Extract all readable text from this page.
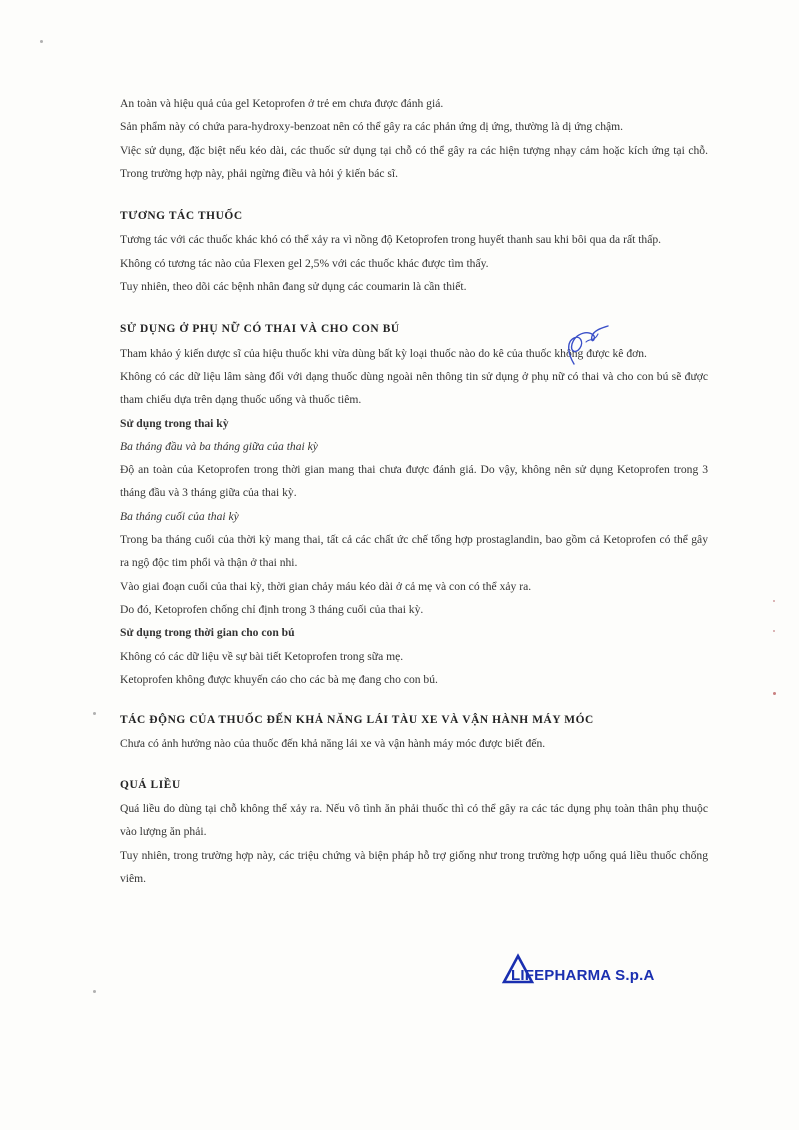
An toàn và hiệu quả của gel Ketoprofen ở trẻ em chưa được đánh giá.

Sản phẩm này có chứa para-hydroxy-benzoat nên có thể gây ra các phản ứng dị ứng, thường là dị ứng chậm.

Việc sử dụng, đặc biệt nếu kéo dài, các thuốc sử dụng tại chỗ có thể gây ra các hiện tượng nhạy cảm hoặc kích ứng tại chỗ. Trong trường hợp này, phải ngừng điều và hỏi ý kiến bác sĩ.

TƯƠNG TÁC THUỐC

Tương tác với các thuốc khác khó có thể xảy ra vì nồng độ Ketoprofen trong huyết thanh sau khi bôi qua da rất thấp.

Không có tương tác nào của Flexen gel 2,5% với các thuốc khác được tìm thấy.

Tuy nhiên, theo dõi các bệnh nhân đang sử dụng các coumarin là cần thiết.

SỬ DỤNG Ở PHỤ NỮ CÓ THAI VÀ CHO CON BÚ

Tham khảo ý kiến dược sĩ của hiệu thuốc khi vừa dùng bất kỳ loại thuốc nào do kê của thuốc không được kê đơn.

Không có các dữ liệu lâm sàng đối với dạng thuốc dùng ngoài nên thông tin sử dụng ở phụ nữ có thai và cho con bú sẽ được tham chiếu dựa trên dạng thuốc uống và thuốc tiêm.

Sử dụng trong thai kỳ

Ba tháng đầu và ba tháng giữa của thai kỳ

Độ an toàn của Ketoprofen trong thời gian mang thai chưa được đánh giá. Do vậy, không nên sử dụng Ketoprofen trong 3 tháng đầu và 3 tháng giữa của thai kỳ.

Ba tháng cuối của thai kỳ

Trong ba tháng cuối của thời kỳ mang thai, tất cả các chất ức chế tổng hợp prostaglandin, bao gồm cả Ketoprofen có thể gây ra ngộ độc tim phổi và thận ở thai nhi.

Vào giai đoạn cuối của thai kỳ, thời gian chảy máu kéo dài ở cả mẹ và con có thể xảy ra.

Do đó, Ketoprofen chống chỉ định trong 3 tháng cuối của thai kỳ.

Sử dụng trong thời gian cho con bú

Không có các dữ liệu về sự bài tiết Ketoprofen trong sữa mẹ.

Ketoprofen không được khuyến cáo cho các bà mẹ đang cho con bú.

TÁC ĐỘNG CỦA THUỐC ĐẾN KHẢ NĂNG LÁI TÀU XE VÀ VẬN HÀNH MÁY MÓC

Chưa có ảnh hưởng nào của thuốc đến khả năng lái xe và vận hành máy móc được biết đến.

QUÁ LIỀU

Quá liều do dùng tại chỗ không thể xảy ra. Nếu vô tình ăn phải thuốc thì có thể gây ra các tác dụng phụ toàn thân phụ thuộc vào lượng ăn phải.

Tuy nhiên, trong trường hợp này, các triệu chứng và biện pháp hỗ trợ giống như trong trường hợp uống quá liều thuốc chống viêm.

LIFEPHARMA S.p.A
